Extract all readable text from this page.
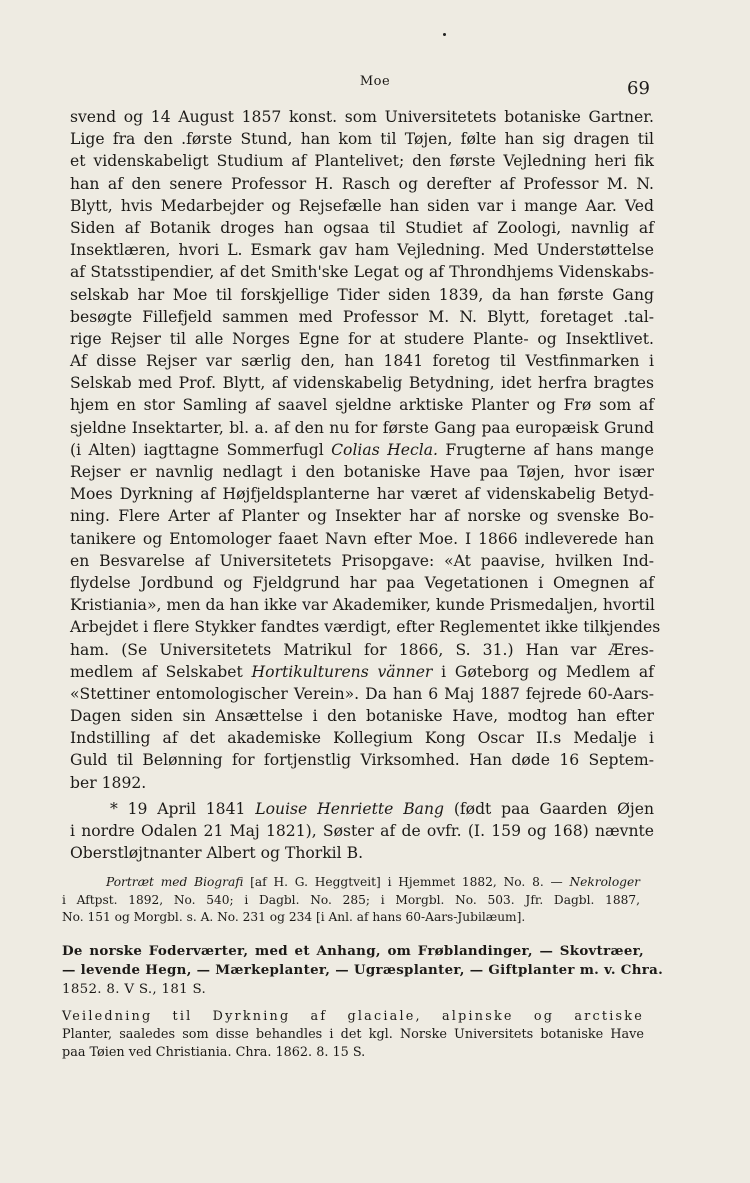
Moe	69
svend og 14 August 1857 konst. som Universitetets botaniske Gartner.
Lige fra den .første Stund, han kom til Tøjen, følte han sig dragen til
et videnskabeligt Studium af Plantelivet; den første Vejledning heri fik
han af den senere Professor H. Rasch og derefter af Professor M. N.
Blytt, hvis Medarbejder og Rejsefælle han siden var i mange Aar. Ved
Siden af Botanik droges han ogsaa til Studiet af Zoologi, navnlig af
Insektlæren, hvori L. Esmark gav ham Vejledning. Med Understøttelse
af Statsstipendier, af det Smith'ske Legat og af Throndhjems Videnskabs-
selskab har Moe til forskjellige Tider siden 1839, da han første Gang
besøgte Fillefjeld sammen med Professor M. N. Blytt, foretaget .tal-
rige Rejser til alle Norges Egne for at studere Plante- og Insektlivet.
Af disse Rejser var særlig den, han 1841 foretog til Vestfinmarken i
Selskab med Prof. Blytt, af videnskabelig Betydning, idet herfra bragtes
hjem en stor Samling af saavel sjeldne arktiske Planter og Frø som af
sjeldne Insektarter, bl. a. af den nu for første Gang paa europæisk Grund
(i Alten) iagttagne Sommerfugl Colias Hecla. Frugterne af hans mange
Rejser er navnlig nedlagt i den botaniske Have paa Tøjen, hvor især
Moes Dyrkning af Højfjeldsplanterne har været af videnskabelig Betyd-
ning. Flere Arter af Planter og Insekter har af norske og svenske Bo-
tanikere og Entomologer faaet Navn efter Moe. I 1866 indleverede han
en Besvarelse af Universitetets Prisopgave: «At paavise, hvilken Ind-
flydelse Jordbund og Fjeldgrund har paa Vegetationen i Omegnen af
Kristiania», men da han ikke var Akademiker, kunde Prismedaljen, hvortil
Arbejdet i flere Stykker fandtes værdigt, efter Reglementet ikke tilkjendes
ham. (Se Universitetets Matrikul for 1866, S. 31.) Han var Æres-
medlem af Selskabet Hortikulturens vänner i Gøteborg og Medlem af
«Stettiner entomologischer Verein». Da han 6 Maj 1887 fejrede 60-Aars-
Dagen siden sin Ansættelse i den botaniske Have, modtog han efter
Indstilling af det akademiske Kollegium Kong Oscar II.s Medalje i
Guld til Belønning for fortjenstlig Virksomhed. Han døde 16 Septem-
ber 1892.
* 19 April 1841 Louise Henriette Bang (født paa Gaarden Øjen
i nordre Odalen 21 Maj 1821), Søster af de ovfr. (I. 159 og 168) nævnte
Oberstløjtnanter Albert og Thorkil B.
Portræt med Biografi [af H. G. Heggtveit] i Hjemmet 1882, No. 8. — Nekrologer
i Aftpst. 1892, No. 540; i Dagbl. No. 285; i Morgbl. No. 503. Jfr. Dagbl. 1887,
No. 151 og Morgbl. s. A. No. 231 og 234 [i Anl. af hans 60-Aars-Jubilæum].
De norske Foderværter, med et Anhang, om Frøblandinger, — Skovtræer,
— levende Hegn, — Mærkeplanter, — Ugræsplanter, — Giftplanter m. v. Chra.
1852. 8. V S., 181 S.
Veiledning til Dyrkning af glaciale, alpinske og arctiske
Planter, saaledes som disse behandles i det kgl. Norske Universitets botaniske Have
paa Tøien ved Christiania. Chra. 1862. 8. 15 S.
